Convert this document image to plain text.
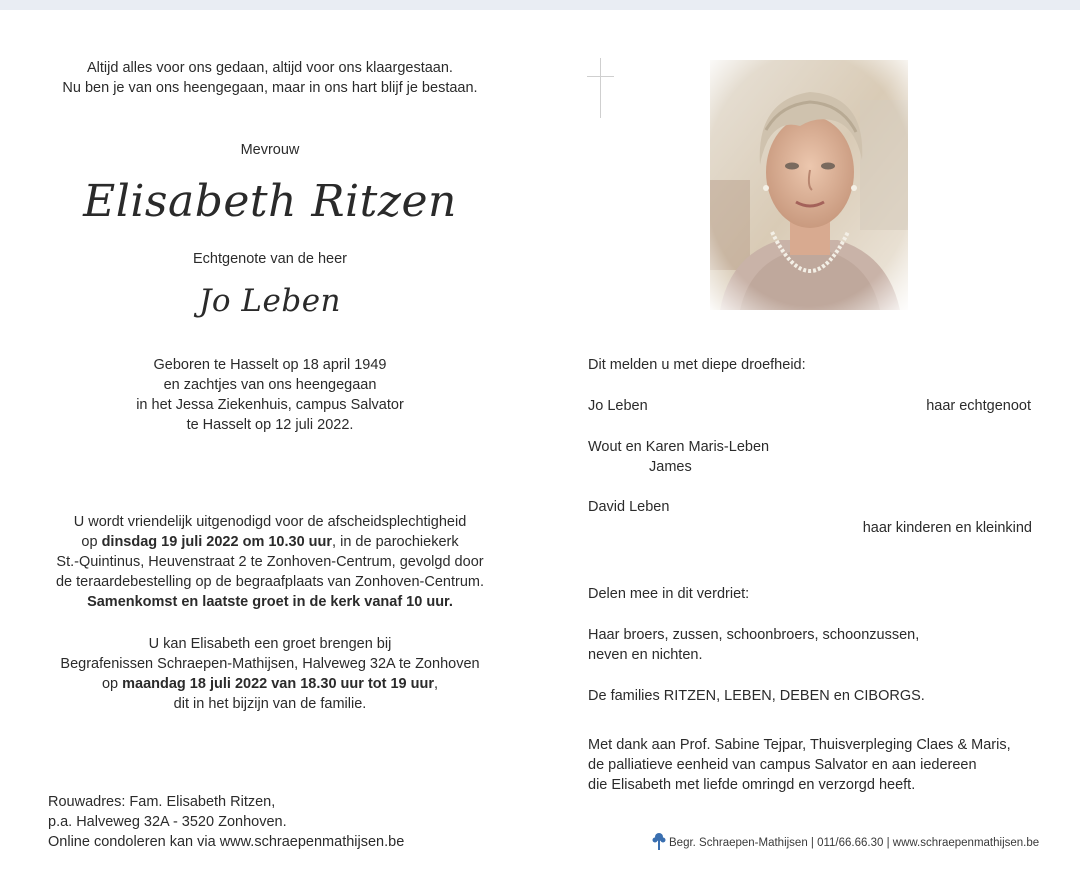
Altijd alles voor ons gedaan, altijd voor ons klaargestaan.
Nu ben je van ons heengegaan, maar in ons hart blijf je bestaan.
Mevrouw
Elisabeth Ritzen
Echtgenote van de heer
Jo Leben
Geboren te Hasselt op 18 april 1949
en zachtjes van ons heengegaan
in het Jessa Ziekenhuis, campus Salvator
te Hasselt op 12 juli 2022.
U wordt vriendelijk uitgenodigd voor de afscheidsplechtigheid
op dinsdag 19 juli 2022 om 10.30 uur, in de parochiekerk
St.-Quintinus, Heuvenstraat 2 te Zonhoven-Centrum, gevolgd door
de teraardebestelling op de begraafplaats van Zonhoven-Centrum.
Samenkomst en laatste groet in de kerk vanaf 10 uur.
U kan Elisabeth een groet brengen bij
Begrafenissen Schraepen-Mathijsen, Halveweg 32A te Zonhoven
op maandag 18 juli 2022 van 18.30 uur tot 19 uur,
dit in het bijzijn van de familie.
Rouwadres: Fam. Elisabeth Ritzen,
p.a. Halveweg 32A - 3520 Zonhoven.
Online condoleren kan via www.schraepenmathijsen.be
Dit melden u met diepe droefheid:
Jo Leben	haar echtgenoot
Wout en Karen Maris-Leben
James
David Leben
haar kinderen en kleinkind
Delen mee in dit verdriet:
Haar broers, zussen, schoonbroers, schoonzussen,
neven en nichten.
De families RITZEN, LEBEN, DEBEN en CIBORGS.
Met dank aan Prof. Sabine Tejpar, Thuisverpleging Claes & Maris,
de palliatieve eenheid van campus Salvator en aan iedereen
die Elisabeth met liefde omringd en verzorgd heeft.
Begr. Schraepen-Mathijsen | 011/66.66.30 | www.schraepenmathijsen.be
